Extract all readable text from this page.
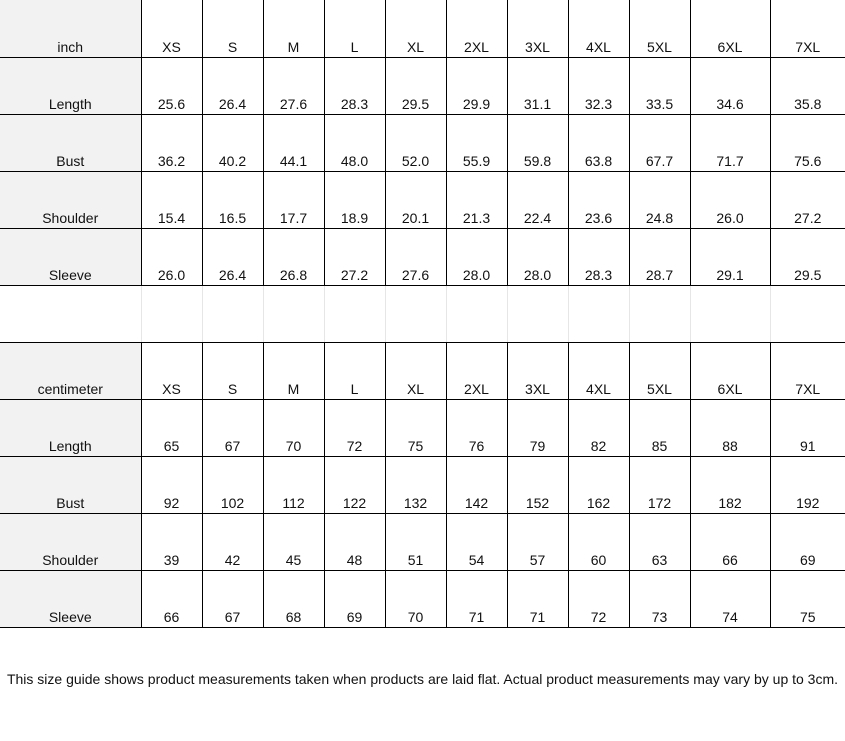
inch	XS	S	M	L	XL	2XL	3XL	4XL	5XL	6XL	7XL
Length	25.6	26.4	27.6	28.3	29.5	29.9	31.1	32.3	33.5	34.6	35.8
Bust	36.2	40.2	44.1	48.0	52.0	55.9	59.8	63.8	67.7	71.7	75.6
Shoulder	15.4	16.5	17.7	18.9	20.1	21.3	22.4	23.6	24.8	26.0	27.2
Sleeve	26.0	26.4	26.8	27.2	27.6	28.0	28.0	28.3	28.7	29.1	29.5

centimeter	XS	S	M	L	XL	2XL	3XL	4XL	5XL	6XL	7XL
Length	65	67	70	72	75	76	79	82	85	88	91
Bust	92	102	112	122	132	142	152	162	172	182	192
Shoulder	39	42	45	48	51	54	57	60	63	66	69
Sleeve	66	67	68	69	70	71	71	72	73	74	75
This size guide shows product measurements taken when products are laid flat. Actual product measurements may vary by up to 3cm.
